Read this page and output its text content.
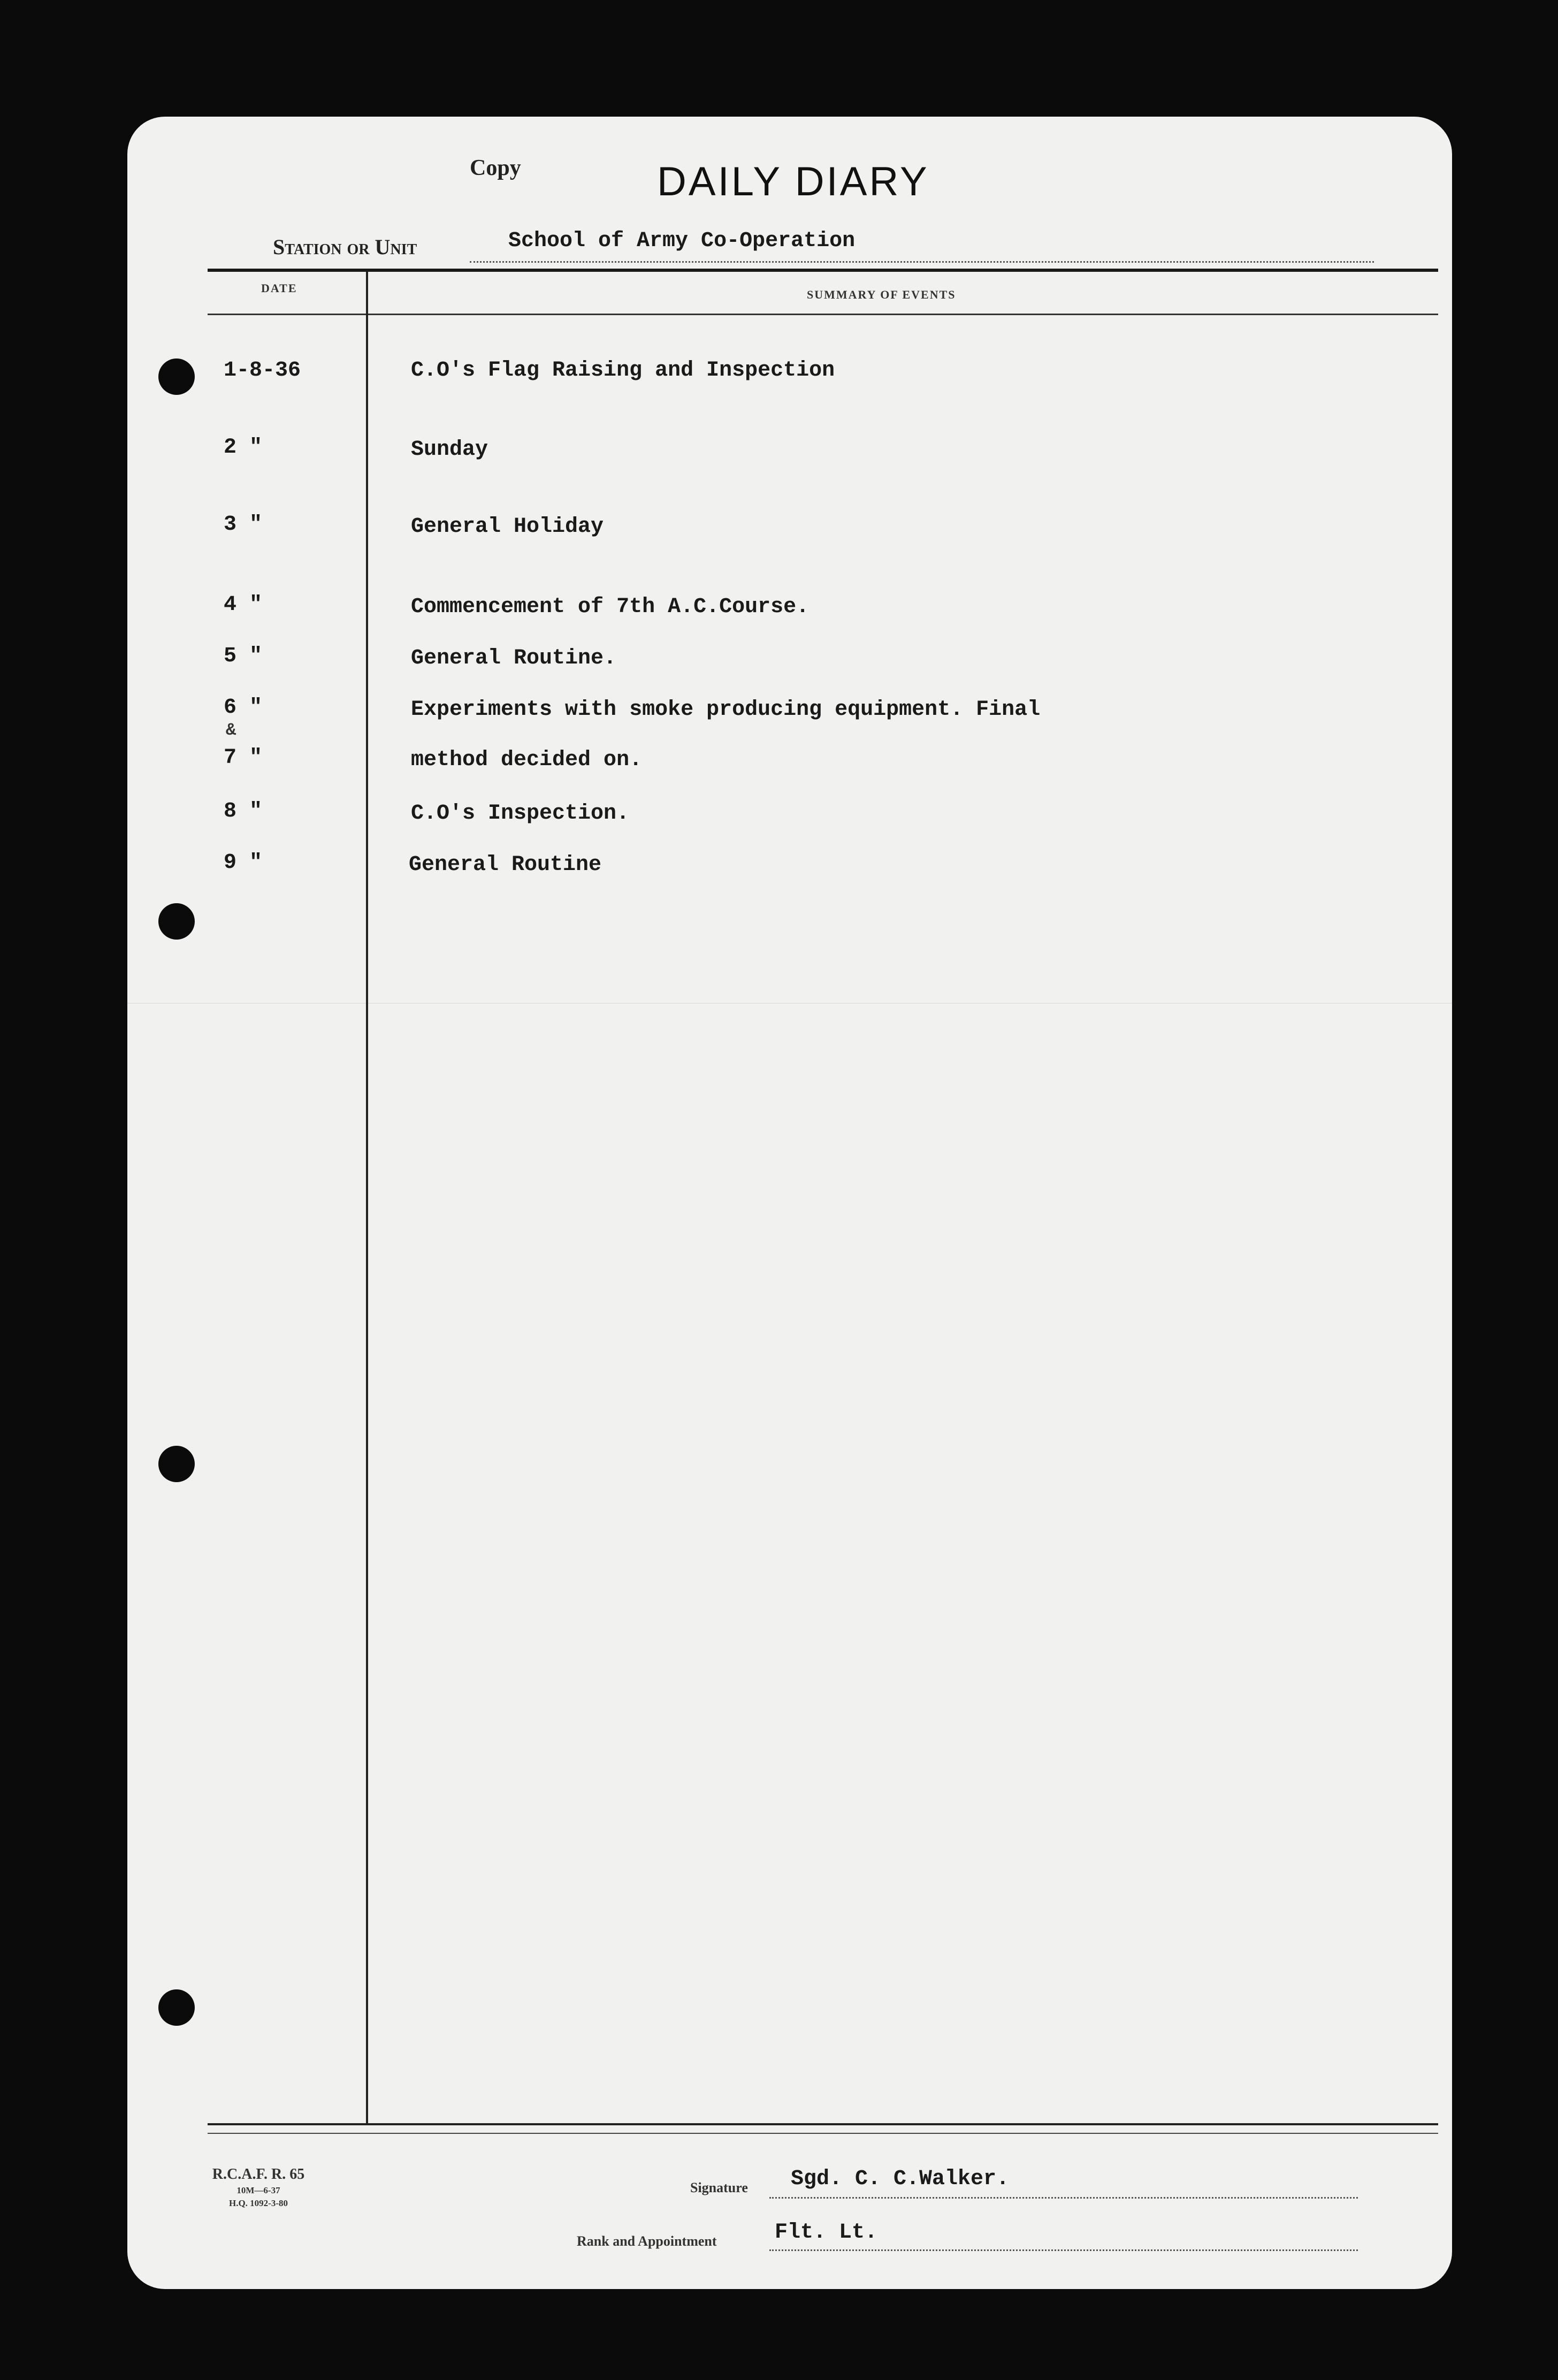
Copy	DAILY DIARY
Station or Unit	School of Army Co-Operation
DATE	SUMMARY OF EVENTS
1-8-36	C.O's Flag Raising and Inspection
2 "	Sunday
3 "	General Holiday
4 "	Commencement of 7th A.C.Course.
5 "	General Routine.
6 "	Experiments with smoke producing equipment. Final
&
7 "	method decided on.
8 "	C.O's Inspection.
9 "	General Routine
R.C.A.F. R. 65
10M—6-37
H.Q. 1092-3-80
Signature Sgd. C. C.Walker.
Rank and Appointment	Flt. Lt.
